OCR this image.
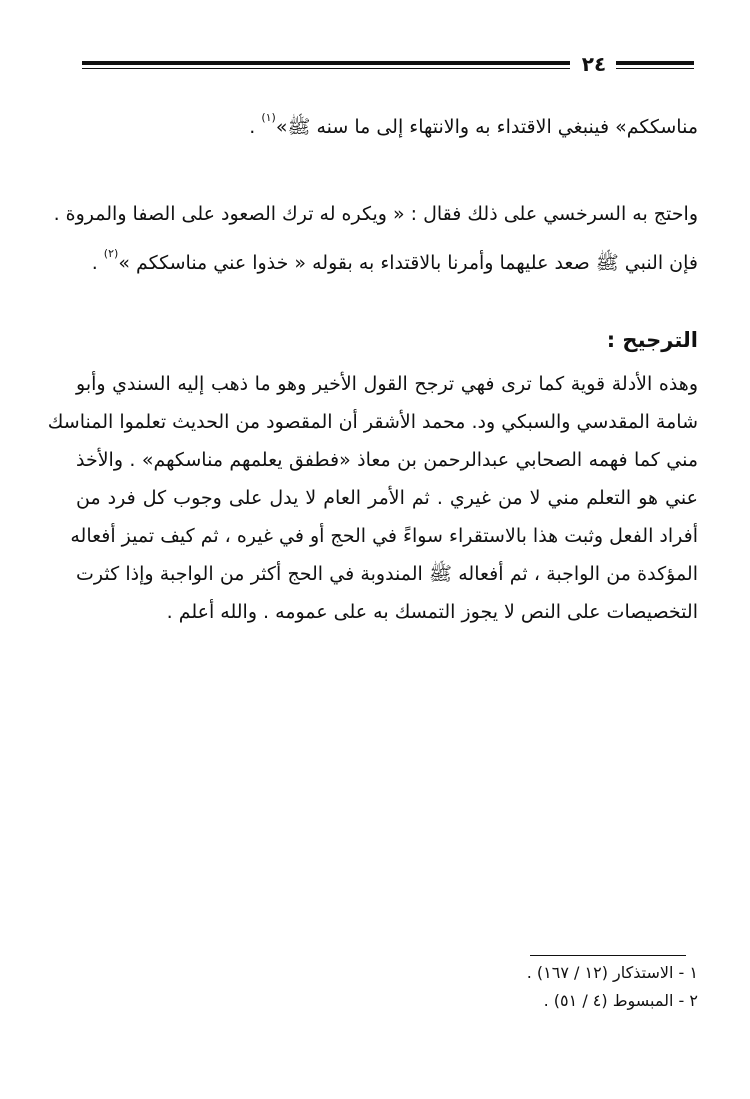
٢٤
مناسككم» فينبغي الاقتداء به والانتهاء إلى ما سنه ﷺ»$^{(١)}$ .
واحتج به السرخسي على ذلك فقال : « ويكره له ترك الصعود على الصفا والمروة .
فإن النبي ﷺ صعد عليهما وأمرنا بالاقتداء به بقوله « خذوا عني مناسككم »$^{(٢)}$ .
الترجيح :
وهذه الأدلة قوية كما ترى فهي ترجح القول الأخير وهو ما ذهب إليه السندي وأبو
شامة المقدسي والسبكي ود. محمد الأشقر أن المقصود من الحديث تعلموا المناسك
مني كما فهمه الصحابي عبدالرحمن بن معاذ «فطفق يعلمهم مناسكهم» . والأخذ
عني هو التعلم مني لا من غيري . ثم الأمر العام لا يدل على وجوب كل فرد من
أفراد الفعل وثبت هذا بالاستقراء سواءً في الحج أو في غيره ، ثم كيف تميز أفعاله
المؤكدة من الواجبة ، ثم أفعاله ﷺ المندوبة في الحج أكثر من الواجبة وإذا كثرت
التخصيصات على النص لا يجوز التمسك به على عمومه . والله أعلم .
١ - الاستذكار (١٢ / ١٦٧) .
٢ - المبسوط (٤ / ٥١) .
